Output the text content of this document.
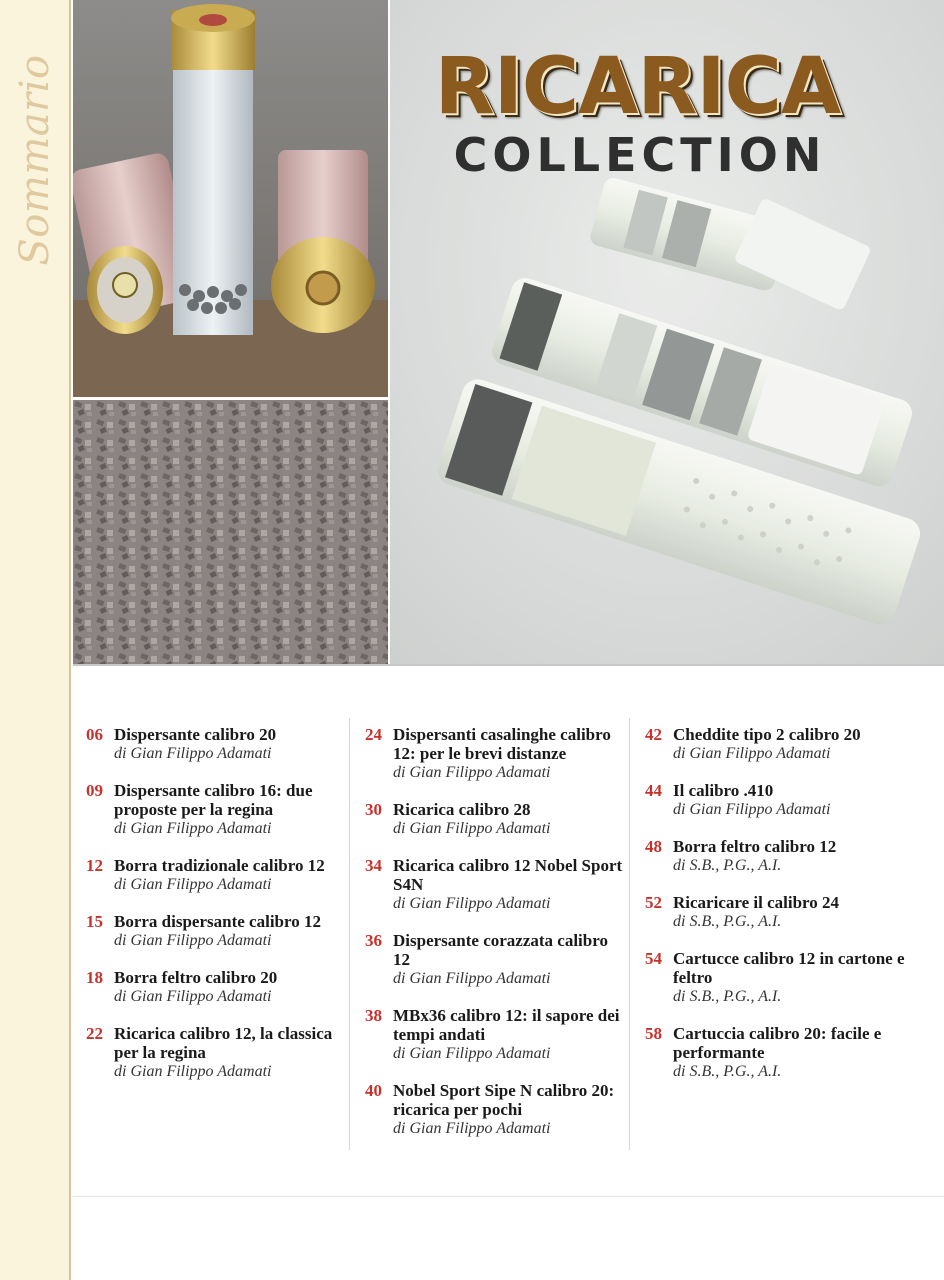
Sommario	RICARICA
COLLECTION
06 Dispersante calibro 20
di Gian Filippo Adamati
09 Dispersante calibro 16: due proposte per la regina
di Gian Filippo Adamati
12 Borra tradizionale calibro 12
di Gian Filippo Adamati
15 Borra dispersante calibro 12
di Gian Filippo Adamati
18 Borra feltro calibro 20
di Gian Filippo Adamati
22 Ricarica calibro 12, la classica per la regina
di Gian Filippo Adamati
24 Dispersanti casalinghe calibro 12: per le brevi distanze
di Gian Filippo Adamati
30 Ricarica calibro 28
di Gian Filippo Adamati
34 Ricarica calibro 12 Nobel Sport S4N
di Gian Filippo Adamati
36 Dispersante corazzata calibro 12
di Gian Filippo Adamati
38 MBx36 calibro 12: il sapore dei tempi andati
di Gian Filippo Adamati
40 Nobel Sport Sipe N calibro 20: ricarica per pochi
di Gian Filippo Adamati
42 Cheddite tipo 2 calibro 20
di Gian Filippo Adamati
44 Il calibro .410
di Gian Filippo Adamati
48 Borra feltro calibro 12
di S.B., P.G., A.I.
52 Ricaricare il calibro 24
di S.B., P.G., A.I.
54 Cartucce calibro 12 in cartone e feltro
di S.B., P.G., A.I.
58 Cartuccia calibro 20: facile e performante
di S.B., P.G., A.I.
